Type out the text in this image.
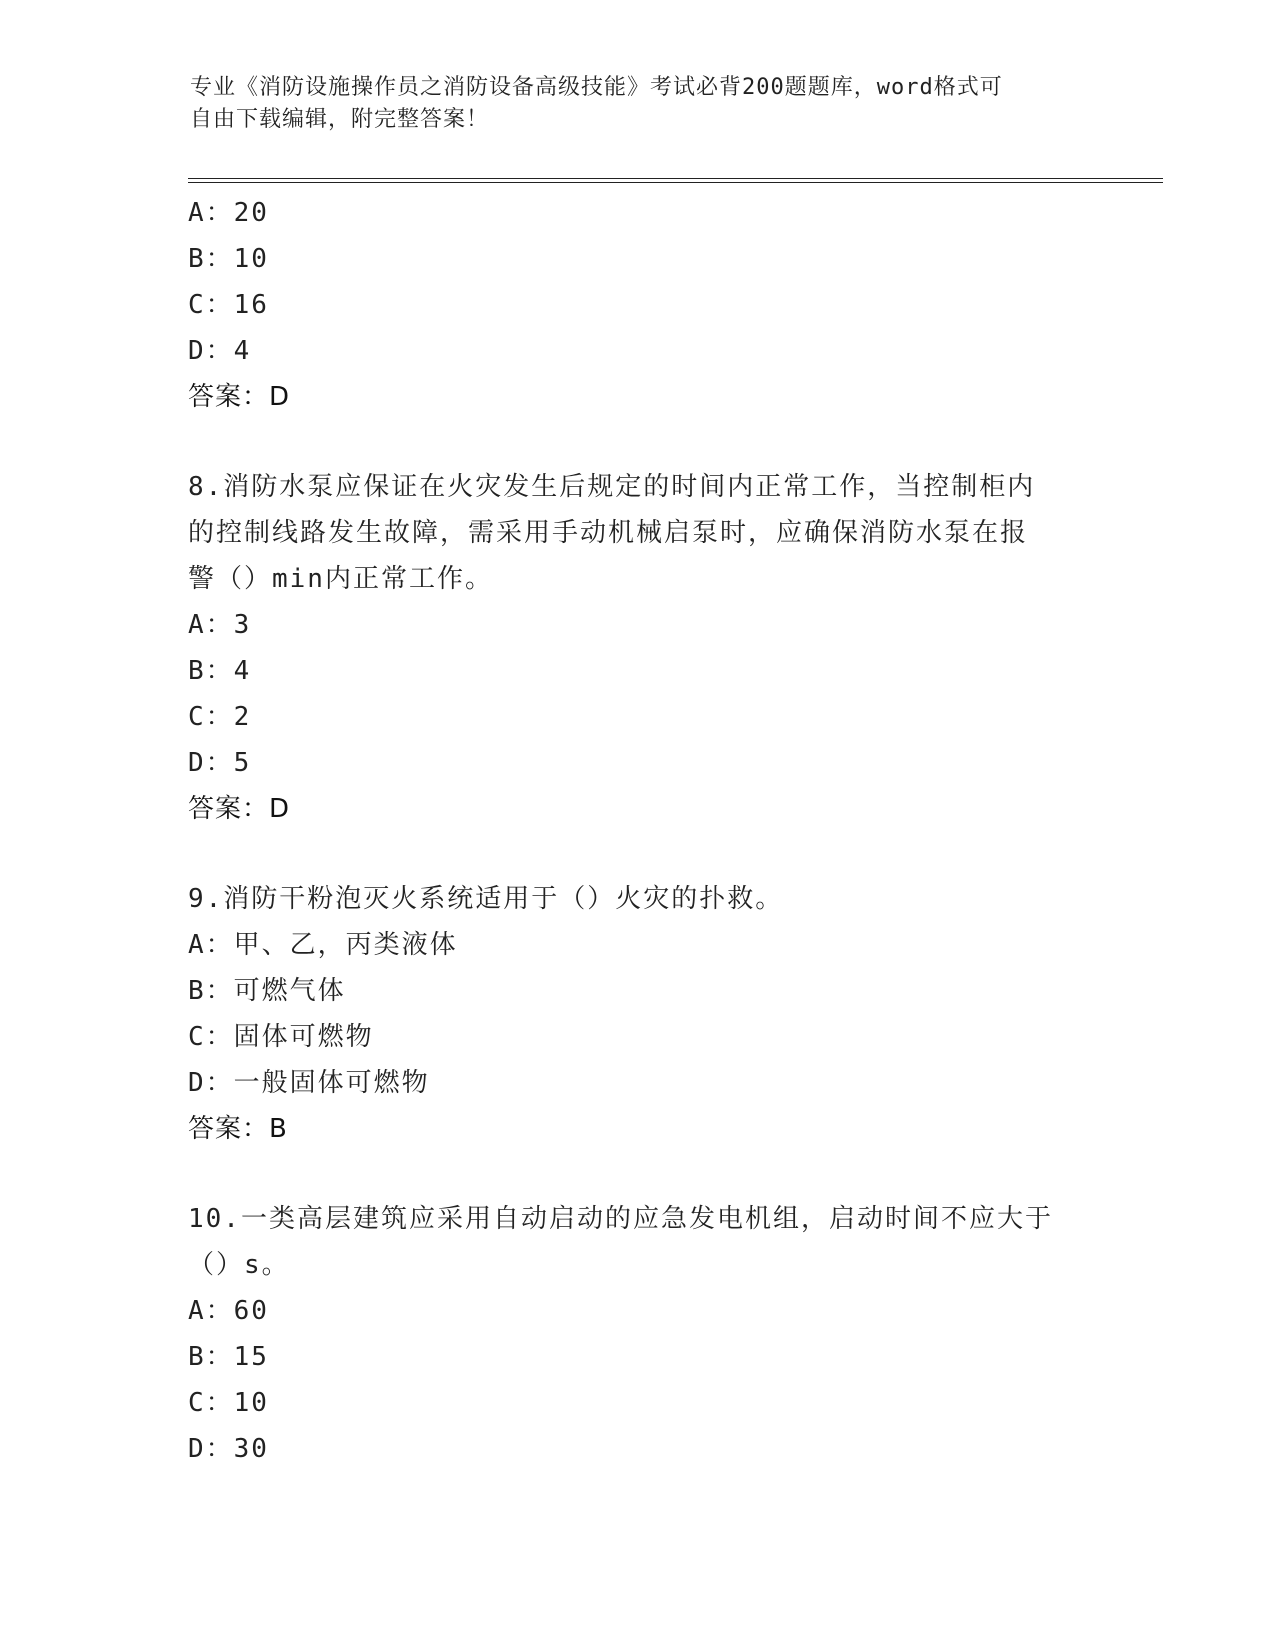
专业《消防设施操作员之消防设备高级技能》考试必背200题题库，word格式可
自由下载编辑，附完整答案！
A：20
B：10
C：16
D：4
答案：D
8.消防水泵应保证在火灾发生后规定的时间内正常工作，当控制柜内
的控制线路发生故障，需采用手动机械启泵时，应确保消防水泵在报
警（）min内正常工作。
A：3
B：4
C：2
D：5
答案：D
9.消防干粉泡灭火系统适用于（）火灾的扑救。
A：甲、乙，丙类液体
B：可燃气体
C：固体可燃物
D：一般固体可燃物
答案：B
10.一类高层建筑应采用自动启动的应急发电机组，启动时间不应大于
（）s。
A：60
B：15
C：10
D：30
